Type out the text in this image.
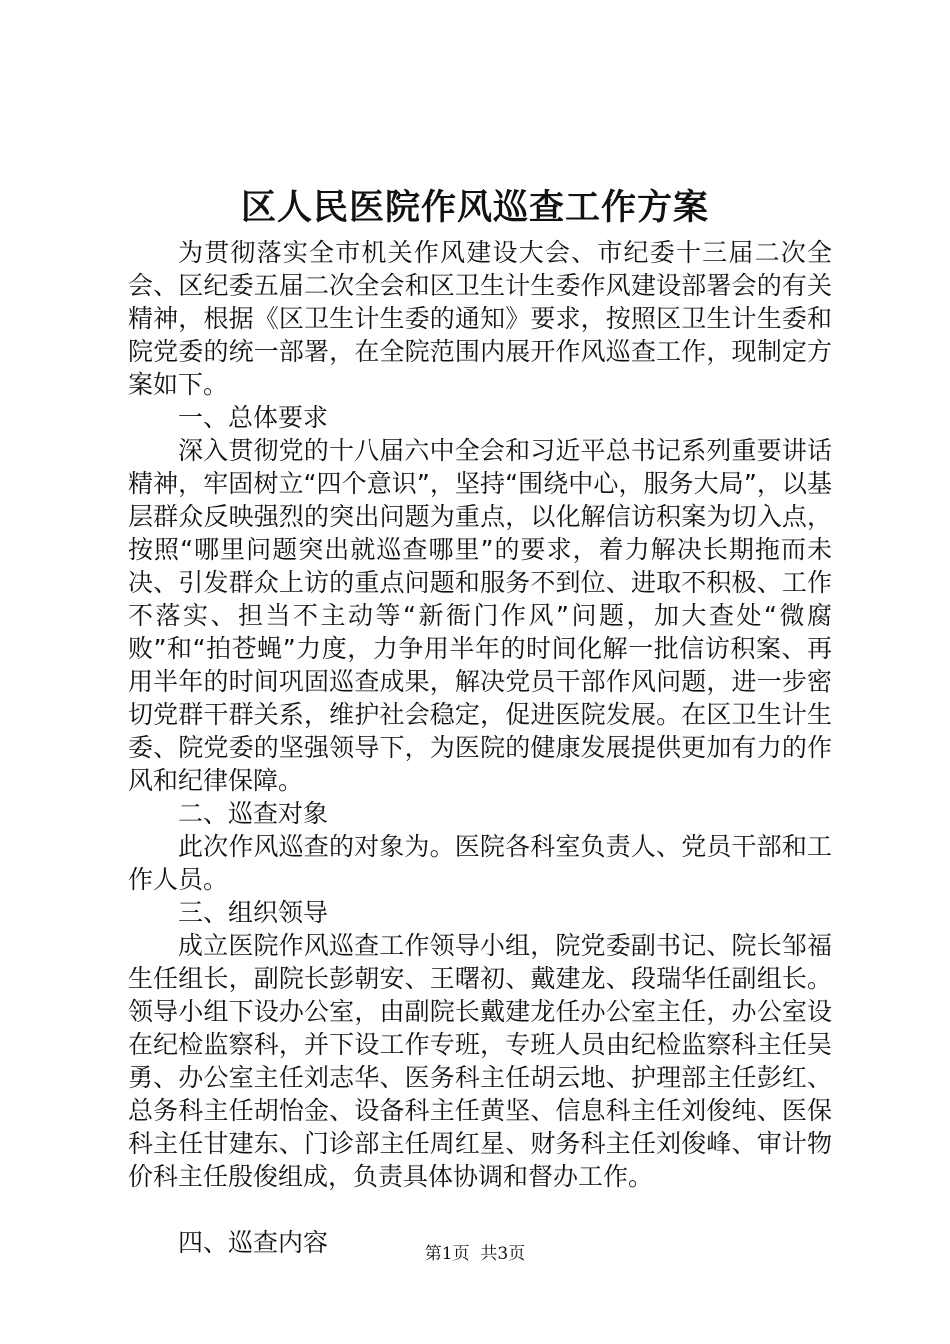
区人民医院作风巡查工作方案

为贯彻落实全市机关作风建设大会、市纪委十三届二次全会、区纪委五届二次全会和区卫生计生委作风建设部署会的有关精神，根据《区卫生计生委的通知》要求，按照区卫生计生委和院党委的统一部署，在全院范围内展开作风巡查工作，现制定方案如下。

一、总体要求

深入贯彻党的十八届六中全会和习近平总书记系列重要讲话精神，牢固树立“四个意识”，坚持“围绕中心，服务大局”，以基层群众反映强烈的突出问题为重点，以化解信访积案为切入点，按照“哪里问题突出就巡查哪里”的要求，着力解决长期拖而未决、引发群众上访的重点问题和服务不到位、进取不积极、工作不落实、担当不主动等“新衙门作风”问题，加大查处“微腐败”和“拍苍蝇”力度，力争用半年的时间化解一批信访积案、再用半年的时间巩固巡查成果，解决党员干部作风问题，进一步密切党群干群关系，维护社会稳定，促进医院发展。在区卫生计生委、院党委的坚强领导下，为医院的健康发展提供更加有力的作风和纪律保障。

二、巡查对象

此次作风巡查的对象为。医院各科室负责人、党员干部和工作人员。

三、组织领导

成立医院作风巡查工作领导小组，院党委副书记、院长邹福生任组长，副院长彭朝安、王曙初、戴建龙、段瑞华任副组长。领导小组下设办公室，由副院长戴建龙任办公室主任，办公室设在纪检监察科，并下设工作专班，专班人员由纪检监察科主任吴勇、办公室主任刘志华、医务科主任胡云地、护理部主任彭红、总务科主任胡怡金、设备科主任黄坚、信息科主任刘俊纯、医保科主任甘建东、门诊部主任周红星、财务科主任刘俊峰、审计物价科主任殷俊组成，负责具体协调和督办工作。

四、巡查内容	第1页 共3页
